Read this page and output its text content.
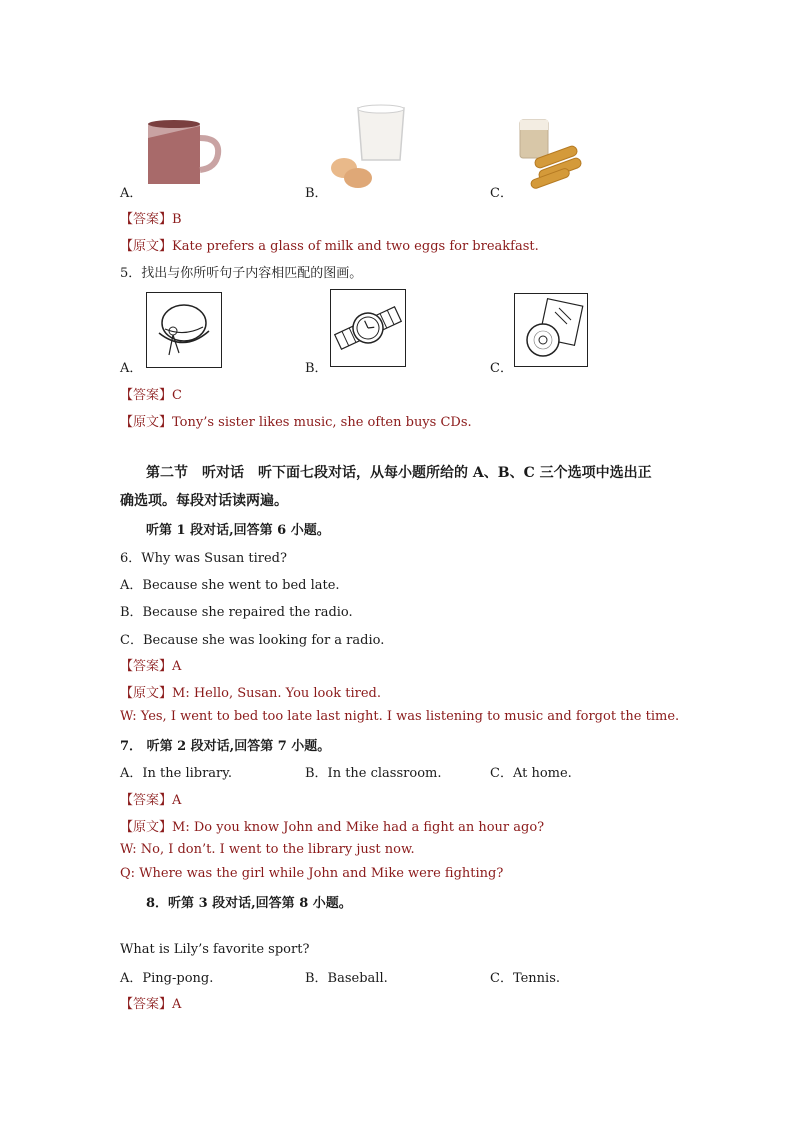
A．	B．	C．
【答案】B
【原文】Kate prefers a glass of milk and two eggs for breakfast.
5．找出与你所听句子内容相匹配的图画。
A．	B．	C．
【答案】C
【原文】Tony’s sister likes music, she often buys CDs.
第二节　听对话　听下面七段对话，从每小题所给的 A、B、C 三个选项中选出正
确选项。每段对话读两遍。
听第 1 段对话,回答第 6 小题。
6．Why was Susan tired?
A．Because she went to bed late.
B．Because she repaired the radio.
C．Because she was looking for a radio.
【答案】A
【原文】M: Hello, Susan. You look tired.
W: Yes, I went to bed too late last night. I was listening to music and forgot the time.
7． 听第 2 段对话,回答第 7 小题。
A．In the library.	B．In the classroom.	C．At home.
【答案】A
【原文】M: Do you know John and Mike had a fight an hour ago?
W: No, I don’t. I went to the library just now.
Q: Where was the girl while John and Mike were fighting?
8．听第 3 段对话,回答第 8 小题。
What is Lily’s favorite sport?
A．Ping-pong.	B．Baseball.	C．Tennis.
【答案】A
